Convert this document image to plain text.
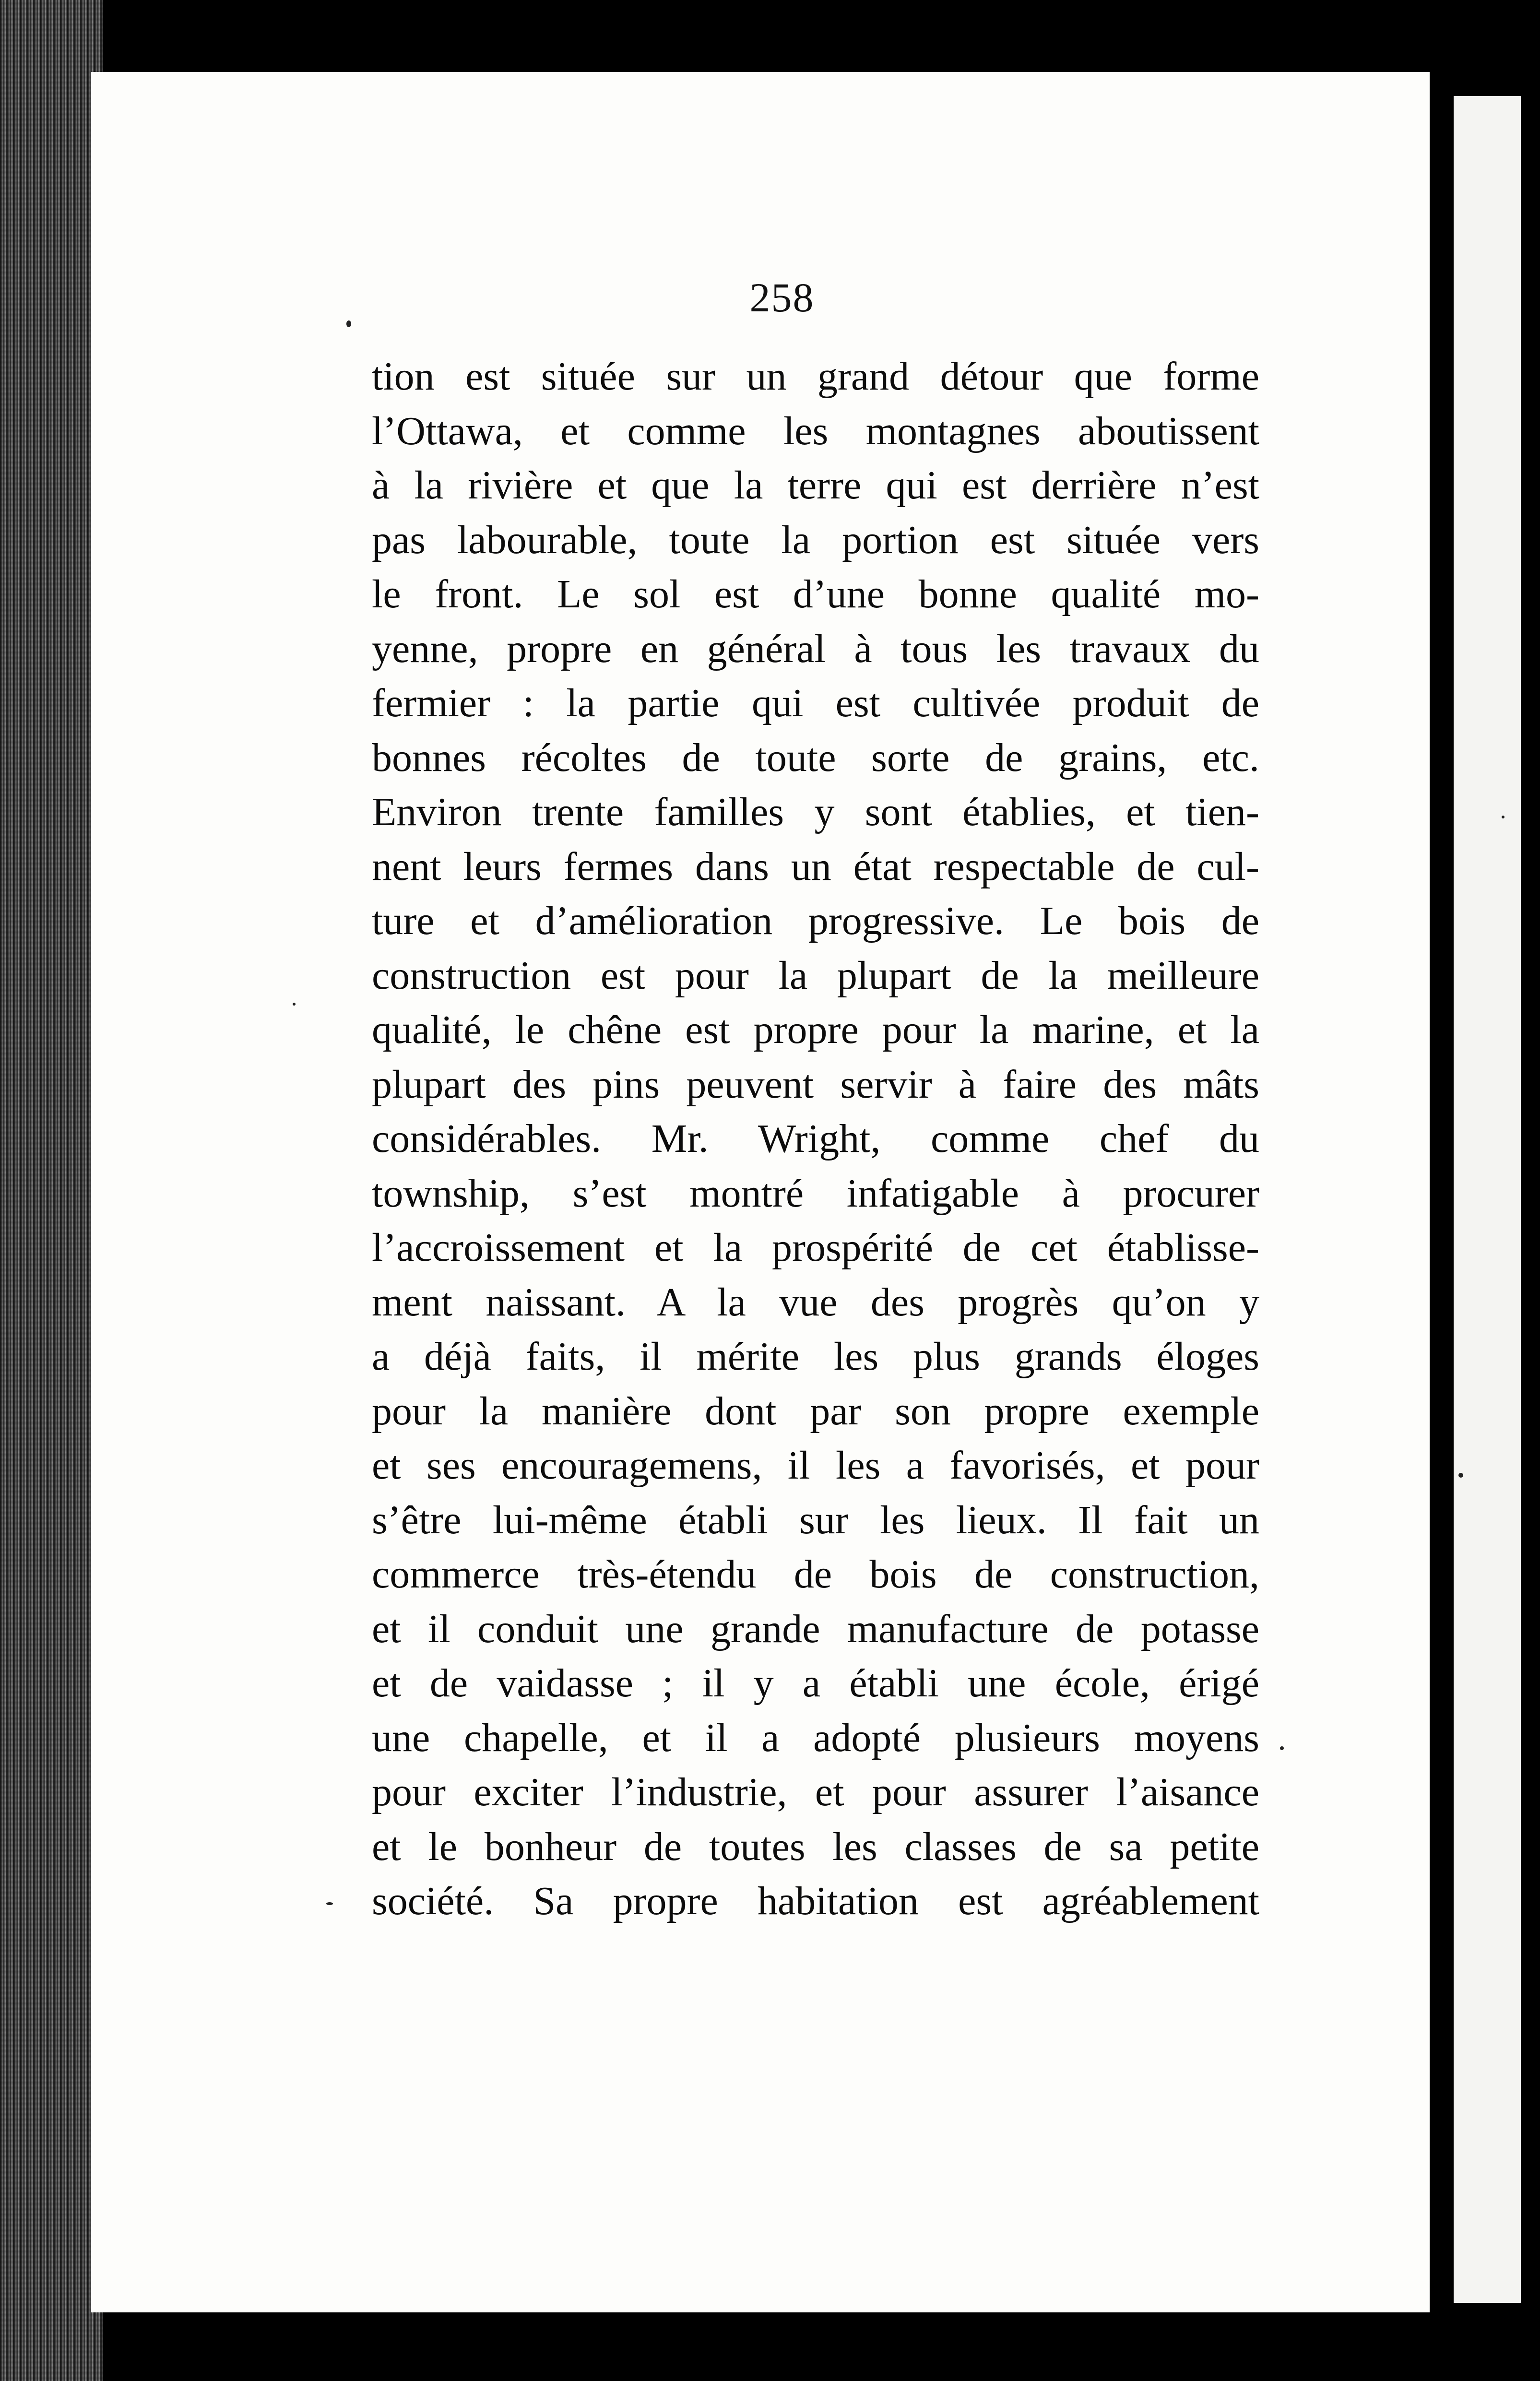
258
tion est située sur un grand détour que forme
l’Ottawa, et comme les montagnes aboutissent
à la rivière et que la terre qui est derrière n’est
pas labourable, toute la portion est située vers
le front. Le sol est d’une bonne qualité mo-
yenne, propre en général à tous les travaux du
fermier : la partie qui est cultivée produit de
bonnes récoltes de toute sorte de grains, etc.
Environ trente familles y sont établies, et tien-
nent leurs fermes dans un état respectable de cul-
ture et d’amélioration progressive. Le bois de
construction est pour la plupart de la meilleure
qualité, le chêne est propre pour la marine, et la
plupart des pins peuvent servir à faire des mâts
considérables. Mr. Wright, comme chef du
township, s’est montré infatigable à procurer
l’accroissement et la prospérité de cet établisse-
ment naissant. A la vue des progrès qu’on y
a déjà faits, il mérite les plus grands éloges
pour la manière dont par son propre exemple
et ses encouragemens, il les a favorisés, et pour
s’être lui-même établi sur les lieux. Il fait un
commerce très-étendu de bois de construction,
et il conduit une grande manufacture de potasse
et de vaidasse ; il y a établi une école, érigé
une chapelle, et il a adopté plusieurs moyens
pour exciter l’industrie, et pour assurer l’aisance
et le bonheur de toutes les classes de sa petite
société. Sa propre habitation est agréablement
